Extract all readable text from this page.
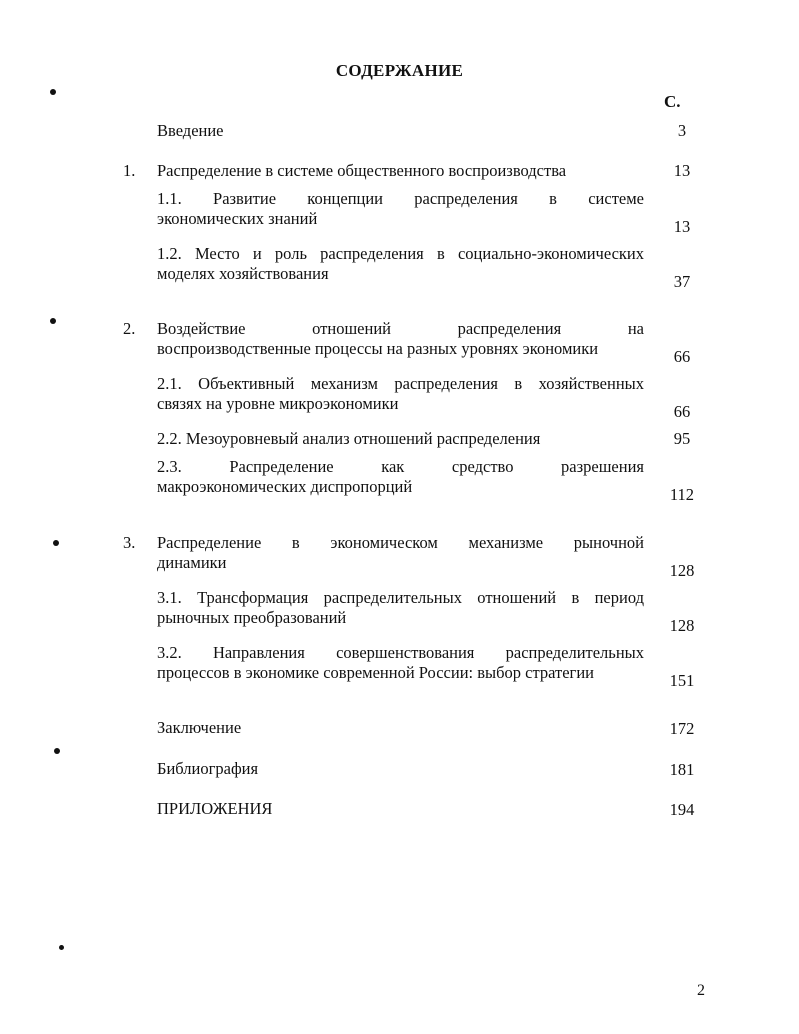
СОДЕРЖАНИЕ
С.
Введение	3
1. Распределение в системе общественного воспроизводства	13
1.1. Развитие концепции распределения в системе
экономических знаний	13
1.2. Место и роль распределения в социально-экономических
моделях хозяйствования	37
2. Воздействие отношений распределения на
воспроизводственные процессы на разных уровнях экономики	66
2.1. Объективный механизм распределения в хозяйственных
связях на уровне микроэкономики	66
2.2. Мезоуровневый анализ отношений распределения	95
2.3. Распределение как средство разрешения
макроэкономических диспропорций	112
3. Распределение в экономическом механизме рыночной
динамики	128
3.1. Трансформация распределительных отношений в период
рыночных преобразований	128
3.2. Направления совершенствования распределительных
процессов в экономике современной России: выбор стратегии	151
Заключение	172
Библиография	181
ПРИЛОЖЕНИЯ	194
2
